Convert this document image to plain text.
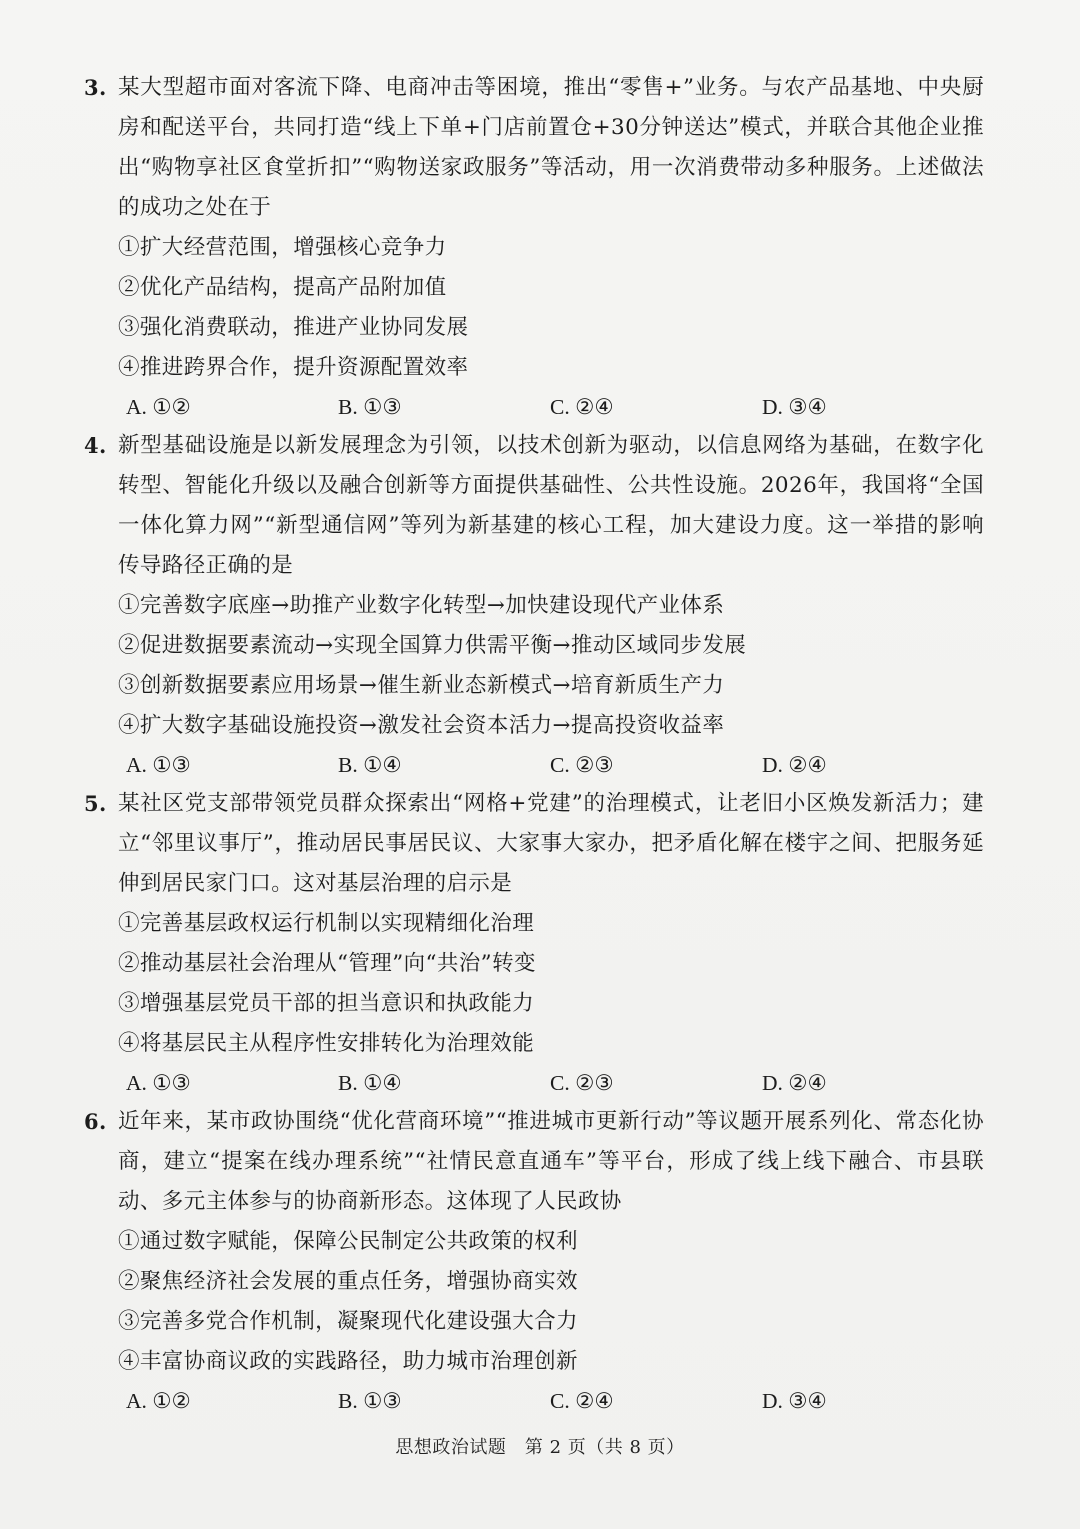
3. 某大型超市面对客流下降、电商冲击等困境，推出“零售+”业务。与农产品基地、中央厨房和配送平台，共同打造“线上下单+门店前置仓+30分钟送达”模式，并联合其他企业推出“购物享社区食堂折扣”“购物送家政服务”等活动，用一次消费带动多种服务。上述做法的成功之处在于
①扩大经营范围，增强核心竞争力
②优化产品结构，提高产品附加值
③强化消费联动，推进产业协同发展
④推进跨界合作，提升资源配置效率
A. ①②	B. ①③	C. ②④	D. ③④
4. 新型基础设施是以新发展理念为引领，以技术创新为驱动，以信息网络为基础，在数字化转型、智能化升级以及融合创新等方面提供基础性、公共性设施。2026年，我国将“全国一体化算力网”“新型通信网”等列为新基建的核心工程，加大建设力度。这一举措的影响传导路径正确的是
①完善数字底座→助推产业数字化转型→加快建设现代产业体系
②促进数据要素流动→实现全国算力供需平衡→推动区域同步发展
③创新数据要素应用场景→催生新业态新模式→培育新质生产力
④扩大数字基础设施投资→激发社会资本活力→提高投资收益率
A. ①③	B. ①④	C. ②③	D. ②④
5. 某社区党支部带领党员群众探索出“网格+党建”的治理模式，让老旧小区焕发新活力；建立“邻里议事厅”，推动居民事居民议、大家事大家办，把矛盾化解在楼宇之间、把服务延伸到居民家门口。这对基层治理的启示是
①完善基层政权运行机制以实现精细化治理
②推动基层社会治理从“管理”向“共治”转变
③增强基层党员干部的担当意识和执政能力
④将基层民主从程序性安排转化为治理效能
A. ①③	B. ①④	C. ②③	D. ②④
6. 近年来，某市政协围绕“优化营商环境”“推进城市更新行动”等议题开展系列化、常态化协商，建立“提案在线办理系统”“社情民意直通车”等平台，形成了线上线下融合、市县联动、多元主体参与的协商新形态。这体现了人民政协
①通过数字赋能，保障公民制定公共政策的权利
②聚焦经济社会发展的重点任务，增强协商实效
③完善多党合作机制，凝聚现代化建设强大合力
④丰富协商议政的实践路径，助力城市治理创新
A. ①②	B. ①③	C. ②④	D. ③④
思想政治试题　第 2 页（共 8 页）
